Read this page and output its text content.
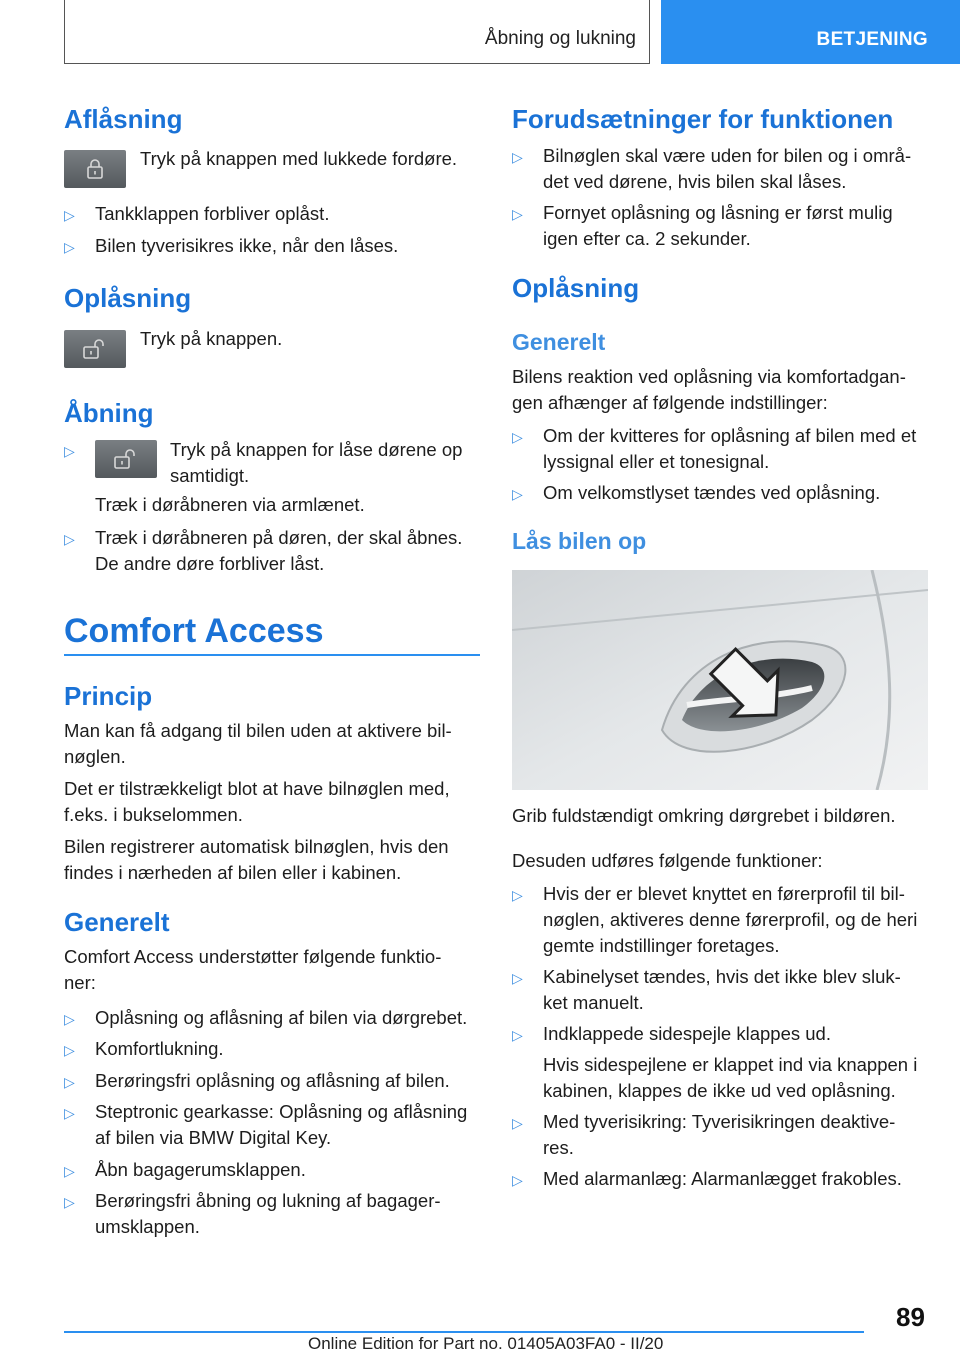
Åbning og lukning	BETJENING
Aflåsning

Tryk på knappen med lukkede fordøre.

▷ Tankklappen forbliver oplåst.
▷ Bilen tyverisikres ikke, når den låses.
Oplåsning

Tryk på knappen.

Åbning
▷	Tryk på knappen for låse dørene op

samtidigt.

Træk i døråbneren via armlænet.

▷ Træk i døråbneren på døren, der skal åbnes.

De andre døre forbliver låst.

Comfort Access
Princip

Man kan få adgang til bilen uden at aktivere bil-

nøglen.

Det er tilstrækkeligt blot at have bilnøglen med,

f.eks. i bukselommen.

Bilen registrerer automatisk bilnøglen, hvis den

findes i nærheden af bilen eller i kabinen.

Generelt

Comfort Access understøtter følgende funktio-

ner:

▷ Oplåsning og aflåsning af bilen via dørgrebet.
▷ Komfortlukning.
▷ Berøringsfri oplåsning og aflåsning af bilen.
▷ Steptronic gearkasse: Oplåsning og aflåsning

af bilen via BMW Digital Key.

▷ Åbn bagagerumsklappen.
▷ Berøringsfri åbning og lukning af bagager-

umsklappen.

Forudsætninger for funktionen
▷ Bilnøglen skal være uden for bilen og i områ-

det ved dørene, hvis bilen skal låses.

▷ Fornyet oplåsning og låsning er først mulig

igen efter ca. 2 sekunder.

Oplåsning
Generelt

Bilens reaktion ved oplåsning via komfortadgan-

gen afhænger af følgende indstillinger:

▷ Om der kvitteres for oplåsning af bilen med et

lyssignal eller et tonesignal.

▷ Om velkomstlyset tændes ved oplåsning.
Lås bilen op

Grib fuldstændigt omkring dørgrebet i bildøren.

Desuden udføres følgende funktioner:

▷ Hvis der er blevet knyttet en førerprofil til bil-

nøglen, aktiveres denne førerprofil, og de heri

gemte indstillinger foretages.

▷ Kabinelyset tændes, hvis det ikke blev sluk-

ket manuelt.

▷ Indklappede sidespejle klappes ud.

Hvis sidespejlene er klappet ind via knappen i

kabinen, klappes de ikke ud ved oplåsning.

▷ Med tyverisikring: Tyverisikringen deaktive-

res.

▷ Med alarmanlæg: Alarmanlægget frakobles.
89
Online Edition for Part no. 01405A03FA0 - II/20
